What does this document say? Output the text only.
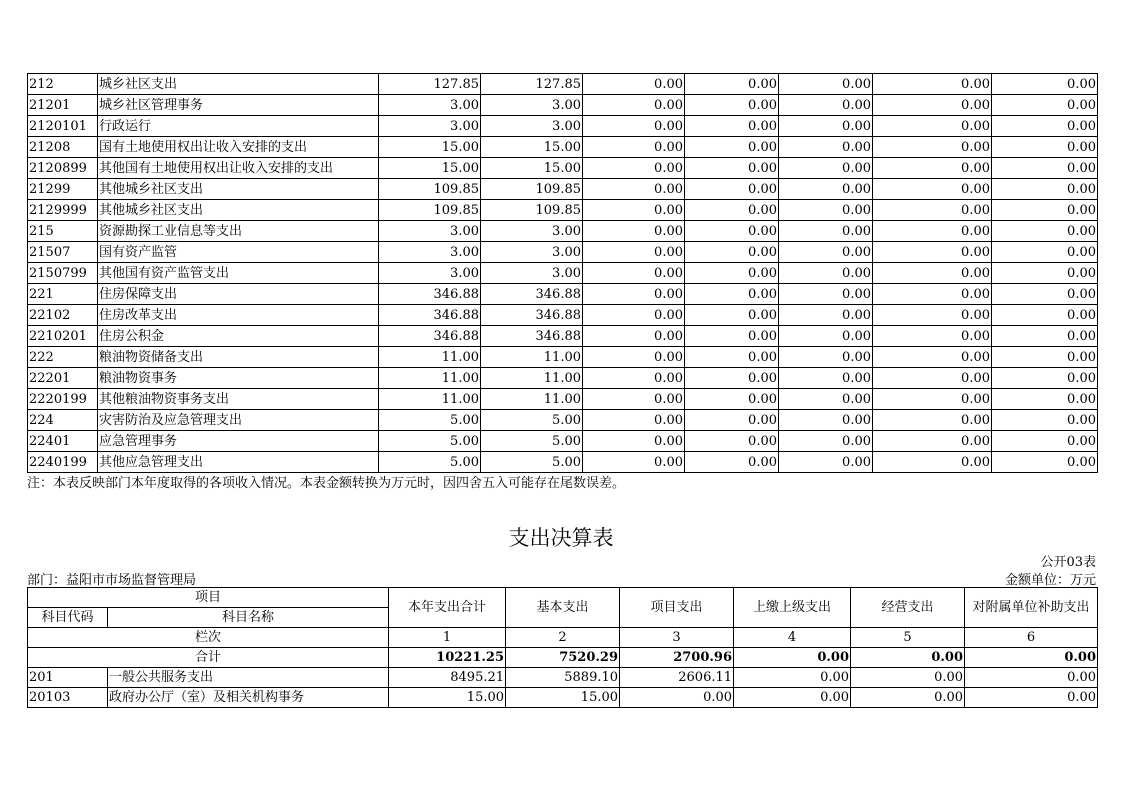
212	城乡社区支出	127.85	127.85	0.00	0.00	0.00	0.00	0.00
21201	城乡社区管理事务	3.00	3.00	0.00	0.00	0.00	0.00	0.00
2120101	行政运行	3.00	3.00	0.00	0.00	0.00	0.00	0.00
21208	国有土地使用权出让收入安排的支出	15.00	15.00	0.00	0.00	0.00	0.00	0.00
2120899	其他国有土地使用权出让收入安排的支出	15.00	15.00	0.00	0.00	0.00	0.00	0.00
21299	其他城乡社区支出	109.85	109.85	0.00	0.00	0.00	0.00	0.00
2129999	其他城乡社区支出	109.85	109.85	0.00	0.00	0.00	0.00	0.00
215	资源勘探工业信息等支出	3.00	3.00	0.00	0.00	0.00	0.00	0.00
21507	国有资产监管	3.00	3.00	0.00	0.00	0.00	0.00	0.00
2150799	其他国有资产监管支出	3.00	3.00	0.00	0.00	0.00	0.00	0.00
221	住房保障支出	346.88	346.88	0.00	0.00	0.00	0.00	0.00
22102	住房改革支出	346.88	346.88	0.00	0.00	0.00	0.00	0.00
2210201	住房公积金	346.88	346.88	0.00	0.00	0.00	0.00	0.00
222	粮油物资储备支出	11.00	11.00	0.00	0.00	0.00	0.00	0.00
22201	粮油物资事务	11.00	11.00	0.00	0.00	0.00	0.00	0.00
2220199	其他粮油物资事务支出	11.00	11.00	0.00	0.00	0.00	0.00	0.00
224	灾害防治及应急管理支出	5.00	5.00	0.00	0.00	0.00	0.00	0.00
22401	应急管理事务	5.00	5.00	0.00	0.00	0.00	0.00	0.00
2240199	其他应急管理支出	5.00	5.00	0.00	0.00	0.00	0.00	0.00
注：本表反映部门本年度取得的各项收入情况。本表金额转换为万元时，因四舍五入可能存在尾数误差。
支出决算表
公开03表
部门：益阳市市场监督管理局	金额单位：万元
项目		本年支出合计	基本支出	项目支出	上缴上级支出	经营支出	对附属单位补助支出
科目代码	科目名称						
栏次		1	2	3	4	5	6
合计		10221.25	7520.29	2700.96	0.00	0.00	0.00
201	一般公共服务支出	8495.21	5889.10	2606.11	0.00	0.00	0.00
20103	政府办公厅（室）及相关机构事务	15.00	15.00	0.00	0.00	0.00	0.00
